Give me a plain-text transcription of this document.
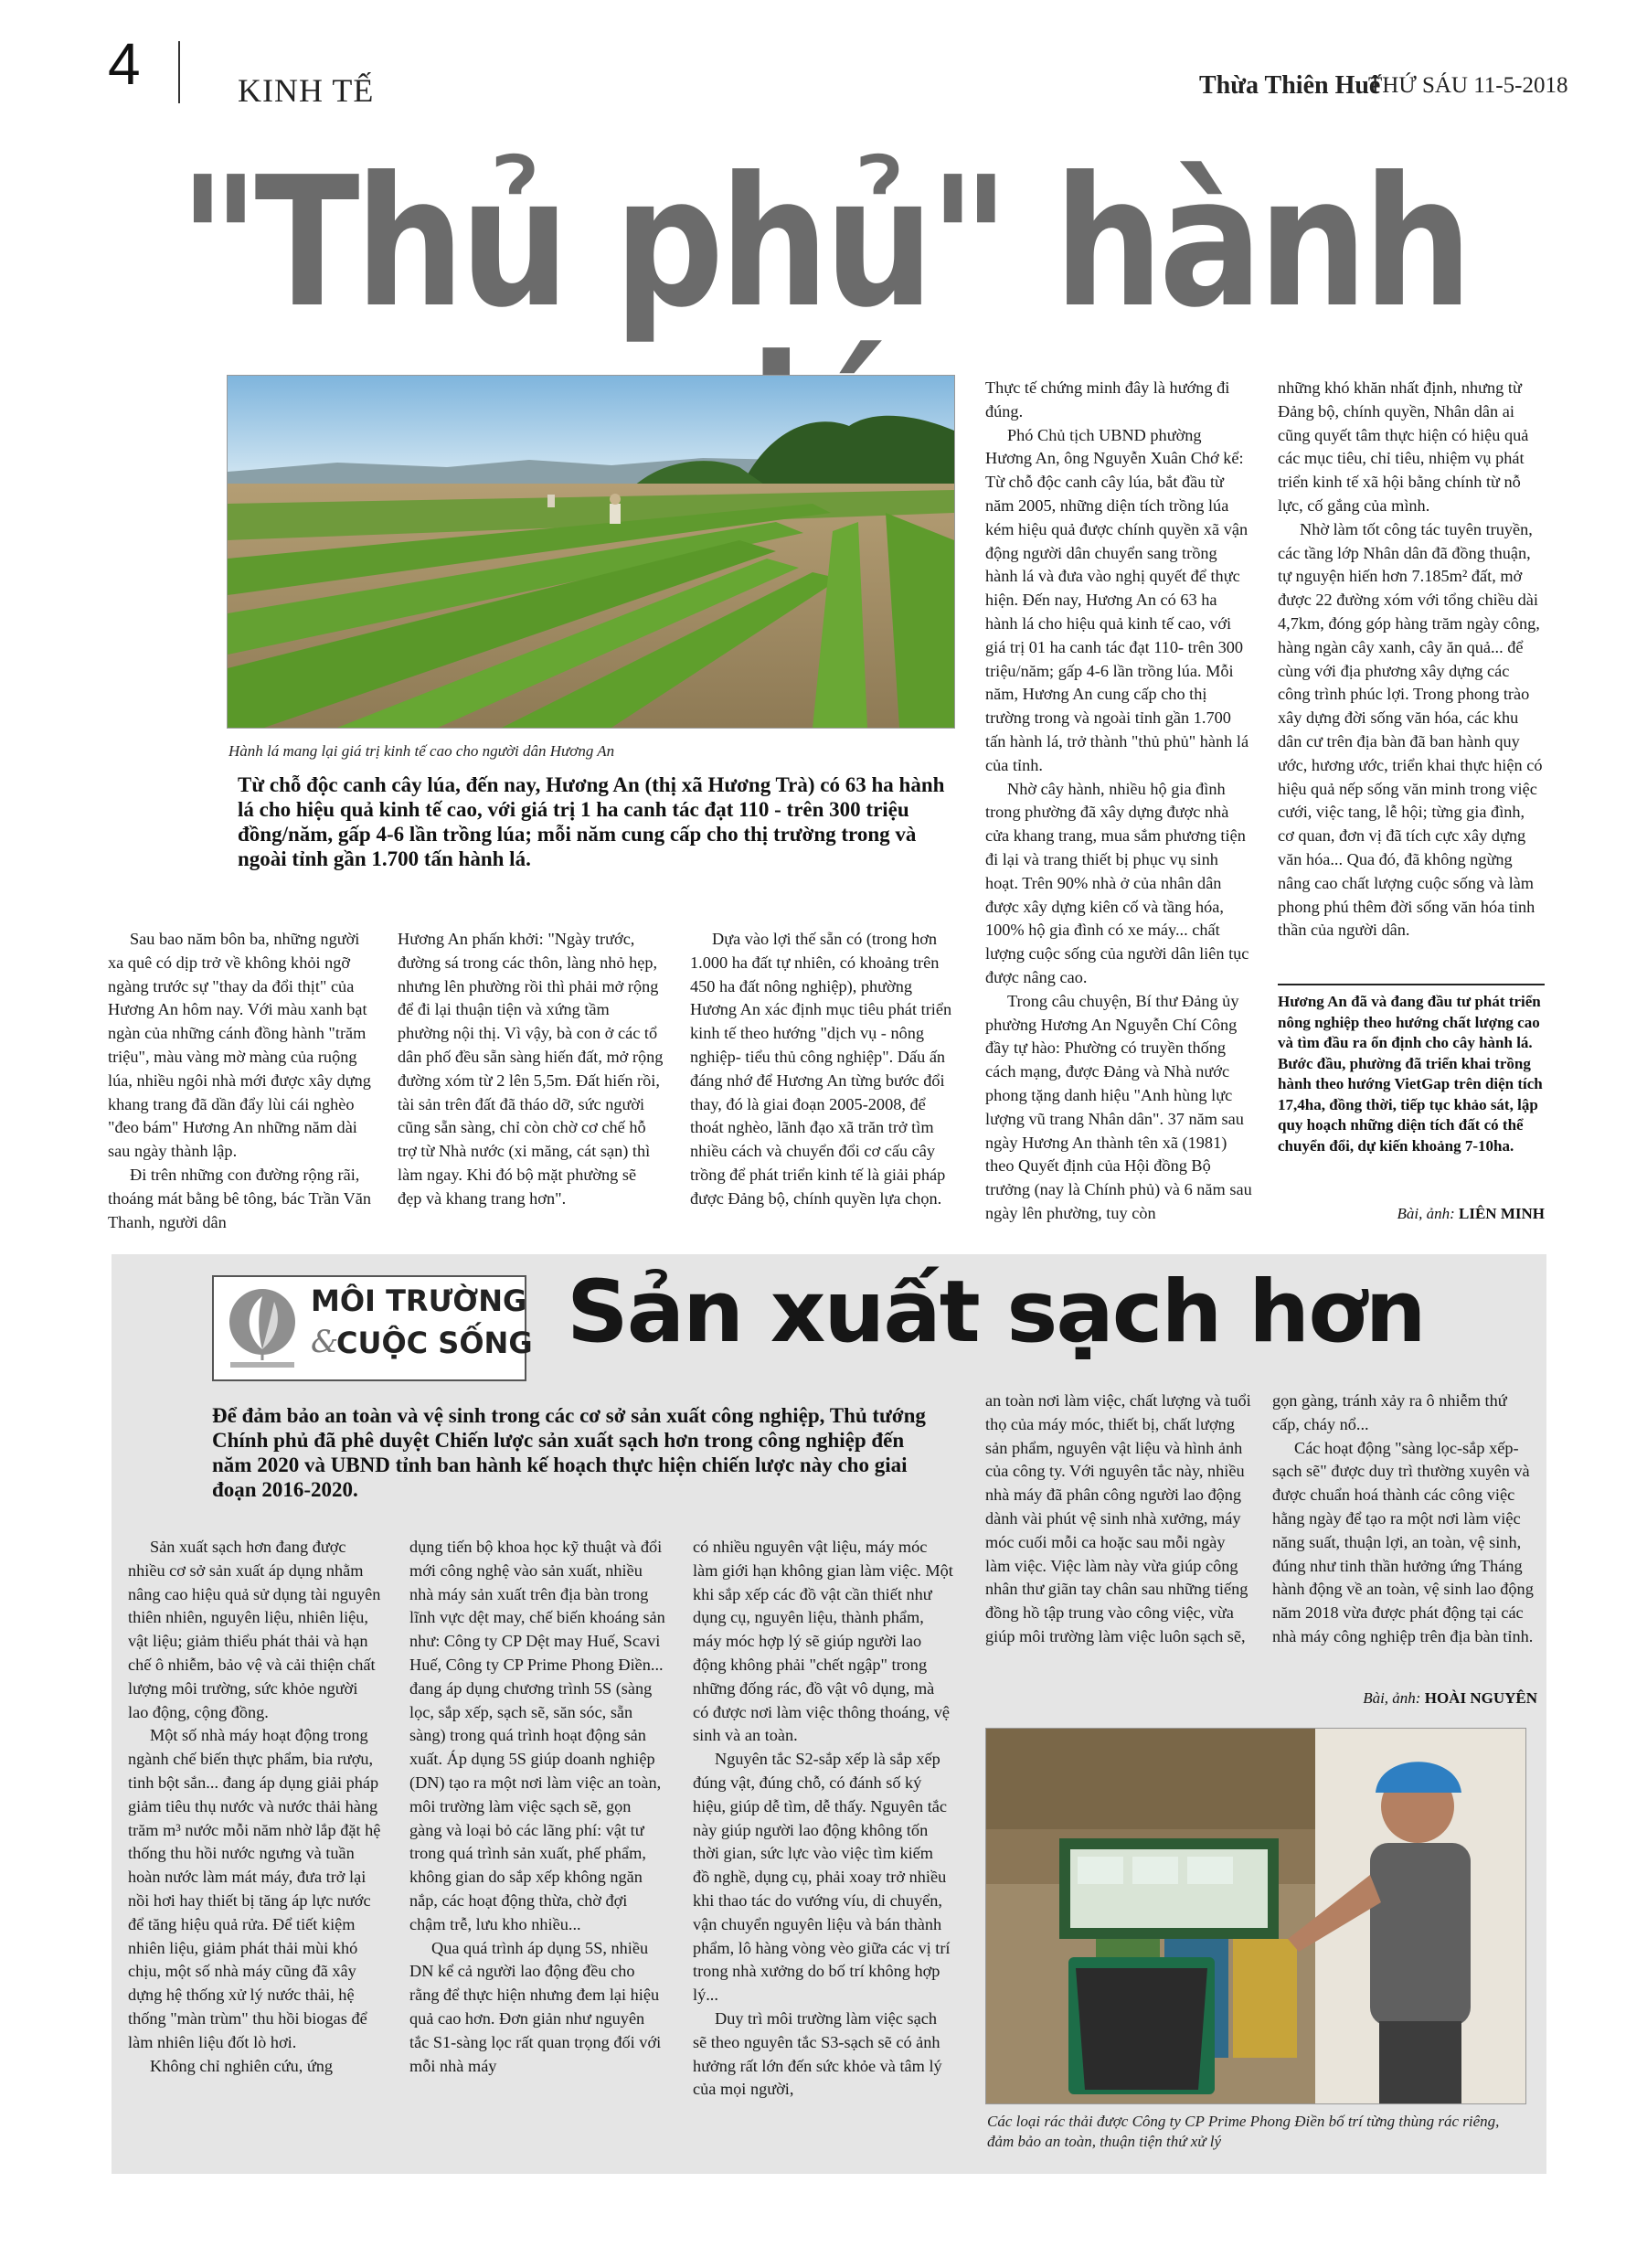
4	KINH TẾ	Thừa Thiên Huế
THỨ SÁU 11-5-2018
"Thủ phủ" hành
Hành lá mang lại giá trị kinh tế cao cho người dân Hương An
Từ chỗ độc canh cây lúa, đến nay, Hương An (thị xã Hương Trà) có 63 ha hành lá cho hiệu quả kinh tế cao, với giá trị 1 ha canh tác đạt 110 - trên 300 triệu đồng/năm, gấp 4-6 lần trồng lúa; mỗi năm cung cấp cho thị trường trong và ngoài tỉnh gần 1.700 tấn hành lá.

Sau bao năm bôn ba, những người xa quê có dịp trở về không khỏi ngỡ ngàng trước sự "thay da đổi thịt" của Hương An hôm nay. Với màu xanh bạt ngàn của những cánh đồng hành "trăm triệu", màu vàng mờ màng của ruộng lúa, nhiều ngôi nhà mới được xây dựng khang trang đã dần đẩy lùi cái nghèo "đeo bám" Hương An những năm dài sau ngày thành lập.

Đi trên những con đường rộng rãi, thoáng mát bằng bê tông, bác Trần Văn Thanh, người dân

Hương An phấn khởi: "Ngày trước, đường sá trong các thôn, làng nhỏ hẹp, nhưng lên phường rồi thì phải mở rộng để đi lại thuận tiện và xứng tầm phường nội thị. Vì vậy, bà con ở các tổ dân phố đều sẵn sàng hiến đất, mở rộng đường xóm từ 2 lên 5,5m. Đất hiến rồi, tài sản trên đất đã tháo dỡ, sức người cũng sẵn sàng, chỉ còn chờ cơ chế hỗ trợ từ Nhà nước (xi măng, cát sạn) thì làm ngay. Khi đó bộ mặt phường sẽ đẹp và khang trang hơn".

Dựa vào lợi thế sẵn có (trong hơn 1.000 ha đất tự nhiên, có khoảng trên 450 ha đất nông nghiệp), phường Hương An xác định mục tiêu phát triển kinh tế theo hướng "dịch vụ - nông nghiệp- tiểu thủ công nghiệp". Dấu ấn đáng nhớ để Hương An từng bước đổi thay, đó là giai đoạn 2005-2008, để thoát nghèo, lãnh đạo xã trăn trở tìm nhiều cách và chuyển đổi cơ cấu cây trồng để phát triển kinh tế là giải pháp được Đảng bộ, chính quyền lựa chọn.

Thực tế chứng minh đây là hướng đi đúng.

Phó Chủ tịch UBND phường Hương An, ông Nguyễn Xuân Chớ kể: Từ chỗ độc canh cây lúa, bắt đầu từ năm 2005, những diện tích trồng lúa kém hiệu quả được chính quyền xã vận động người dân chuyển sang trồng hành lá và đưa vào nghị quyết để thực hiện. Đến nay, Hương An có 63 ha hành lá cho hiệu quả kinh tế cao, với giá trị 01 ha canh tác đạt 110- trên 300 triệu/năm; gấp 4-6 lần trồng lúa. Mỗi năm, Hương An cung cấp cho thị trường trong và ngoài tỉnh gần 1.700 tấn hành lá, trở thành "thủ phủ" hành lá của tỉnh.

Nhờ cây hành, nhiều hộ gia đình trong phường đã xây dựng được nhà cửa khang trang, mua sắm phương tiện đi lại và trang thiết bị phục vụ sinh hoạt. Trên 90% nhà ở của nhân dân được xây dựng kiên cố và tầng hóa, 100% hộ gia đình có xe máy... chất lượng cuộc sống của người dân liên tục được nâng cao.

Trong câu chuyện, Bí thư Đảng ủy phường Hương An Nguyễn Chí Công đầy tự hào: Phường có truyền thống cách mạng, được Đảng và Nhà nước phong tặng danh hiệu "Anh hùng lực lượng vũ trang Nhân dân". 37 năm sau ngày Hương An thành tên xã (1981) theo Quyết định của Hội đồng Bộ trưởng (nay là Chính phủ) và 6 năm sau ngày lên phường, tuy còn

những khó khăn nhất định, nhưng từ Đảng bộ, chính quyền, Nhân dân ai cũng quyết tâm thực hiện có hiệu quả các mục tiêu, chỉ tiêu, nhiệm vụ phát triển kinh tế xã hội bằng chính từ nỗ lực, cố gắng của mình.

Nhờ làm tốt công tác tuyên truyền, các tầng lớp Nhân dân đã đồng thuận, tự nguyện hiến hơn 7.185m² đất, mở được 22 đường xóm với tổng chiều dài 4,7km, đóng góp hàng trăm ngày công, hàng ngàn cây xanh, cây ăn quả... để cùng với địa phương xây dựng các công trình phúc lợi. Trong phong trào xây dựng đời sống văn hóa, các khu dân cư trên địa bàn đã ban hành quy ước, hương ước, triển khai thực hiện có hiệu quả nếp sống văn minh trong việc cưới, việc tang, lễ hội; từng gia đình, cơ quan, đơn vị đã tích cực xây dựng văn hóa... Qua đó, đã không ngừng nâng cao chất lượng cuộc sống và làm phong phú thêm đời sống văn hóa tinh thần của người dân.

Hương An đã và đang đầu tư phát triển nông nghiệp theo hướng chất lượng cao và tìm đầu ra ổn định cho cây hành lá. Bước đầu, phường đã triển khai trồng hành theo hướng VietGap trên diện tích 17,4ha, đồng thời, tiếp tục khảo sát, lập quy hoạch những diện tích đất có thể chuyển đổi, dự kiến khoảng 7-10ha.
Bài, ảnh: LIÊN MINH
MÔI TRƯỜNG
&
CUỘC SỐNG Sản xuất sạch hơn
Để đảm bảo an toàn và vệ sinh trong các cơ sở sản xuất công nghiệp, Thủ tướng Chính phủ đã phê duyệt Chiến lược sản xuất sạch hơn trong công nghiệp đến năm 2020 và UBND tỉnh ban hành kế hoạch thực hiện chiến lược này cho giai đoạn 2016-2020.

Sản xuất sạch hơn đang được nhiều cơ sở sản xuất áp dụng nhằm nâng cao hiệu quả sử dụng tài nguyên thiên nhiên, nguyên liệu, nhiên liệu, vật liệu; giảm thiểu phát thải và hạn chế ô nhiễm, bảo vệ và cải thiện chất lượng môi trường, sức khỏe người lao động, cộng đồng.

Một số nhà máy hoạt động trong ngành chế biến thực phẩm, bia rượu, tinh bột sắn... đang áp dụng giải pháp giảm tiêu thụ nước và nước thải hàng trăm m³ nước mỗi năm nhờ lắp đặt hệ thống thu hồi nước ngưng và tuần hoàn nước làm mát máy, đưa trở lại nồi hơi hay thiết bị tăng áp lực nước để tăng hiệu quả rửa. Để tiết kiệm nhiên liệu, giảm phát thải mùi khó chịu, một số nhà máy cũng đã xây dựng hệ thống xử lý nước thải, hệ thống "màn trùm" thu hồi biogas để làm nhiên liệu đốt lò hơi.

Không chỉ nghiên cứu, ứng

dụng tiến bộ khoa học kỹ thuật và đổi mới công nghệ vào sản xuất, nhiều nhà máy sản xuất trên địa bàn trong lĩnh vực dệt may, chế biến khoáng sản như: Công ty CP Dệt may Huế, Scavi Huế, Công ty CP Prime Phong Điền... đang áp dụng chương trình 5S (sàng lọc, sắp xếp, sạch sẽ, săn sóc, sẵn sàng) trong quá trình hoạt động sản xuất. Áp dụng 5S giúp doanh nghiệp (DN) tạo ra một nơi làm việc an toàn, môi trường làm việc sạch sẽ, gọn gàng và loại bỏ các lãng phí: vật tư trong quá trình sản xuất, phế phẩm, không gian do sắp xếp không ngăn nắp, các hoạt động thừa, chờ đợi chậm trễ, lưu kho nhiều...

Qua quá trình áp dụng 5S, nhiều DN kể cả người lao động đều cho rằng để thực hiện nhưng đem lại hiệu quả cao hơn. Đơn giản như nguyên tắc S1-sàng lọc rất quan trọng đối với mỗi nhà máy

có nhiều nguyên vật liệu, máy móc làm giới hạn không gian làm việc. Một khi sắp xếp các đồ vật cần thiết như dụng cụ, nguyên liệu, thành phẩm, máy móc hợp lý sẽ giúp người lao động không phải "chết ngập" trong những đống rác, đồ vật vô dụng, mà có được nơi làm việc thông thoáng, vệ sinh và an toàn.

Nguyên tắc S2-sắp xếp là sắp xếp đúng vật, đúng chỗ, có đánh số ký hiệu, giúp dễ tìm, dễ thấy. Nguyên tắc này giúp người lao động không tốn thời gian, sức lực vào việc tìm kiếm đồ nghề, dụng cụ, phải xoay trở nhiều khi thao tác do vướng víu, di chuyển, vận chuyển nguyên liệu và bán thành phẩm, lô hàng vòng vèo giữa các vị trí trong nhà xưởng do bố trí không hợp lý...

Duy trì môi trường làm việc sạch sẽ theo nguyên tắc S3-sạch sẽ có ảnh hưởng rất lớn đến sức khỏe và tâm lý của mọi người,

an toàn nơi làm việc, chất lượng và tuổi thọ của máy móc, thiết bị, chất lượng sản phẩm, nguyên vật liệu và hình ảnh của công ty. Với nguyên tắc này, nhiều nhà máy đã phân công người lao động dành vài phút vệ sinh nhà xưởng, máy móc cuối mỗi ca hoặc sau mỗi ngày làm việc. Việc làm này vừa giúp công nhân thư giãn tay chân sau những tiếng đồng hồ tập trung vào công việc, vừa giúp môi trường làm việc luôn sạch sẽ,

gọn gàng, tránh xảy ra ô nhiễm thứ cấp, cháy nổ...

Các hoạt động "sàng lọc-sắp xếp- sạch sẽ" được duy trì thường xuyên và được chuẩn hoá thành các công việc hằng ngày để tạo ra một nơi làm việc năng suất, thuận lợi, an toàn, vệ sinh, đúng như tinh thần hưởng ứng Tháng hành động về an toàn, vệ sinh lao động năm 2018 vừa được phát động tại các nhà máy công nghiệp trên địa bàn tỉnh.

Bài, ảnh: HOÀI NGUYÊN
Các loại rác thải được Công ty CP Prime Phong Điền bố trí từng thùng rác riêng, đảm bảo an toàn, thuận tiện thứ xử lý
